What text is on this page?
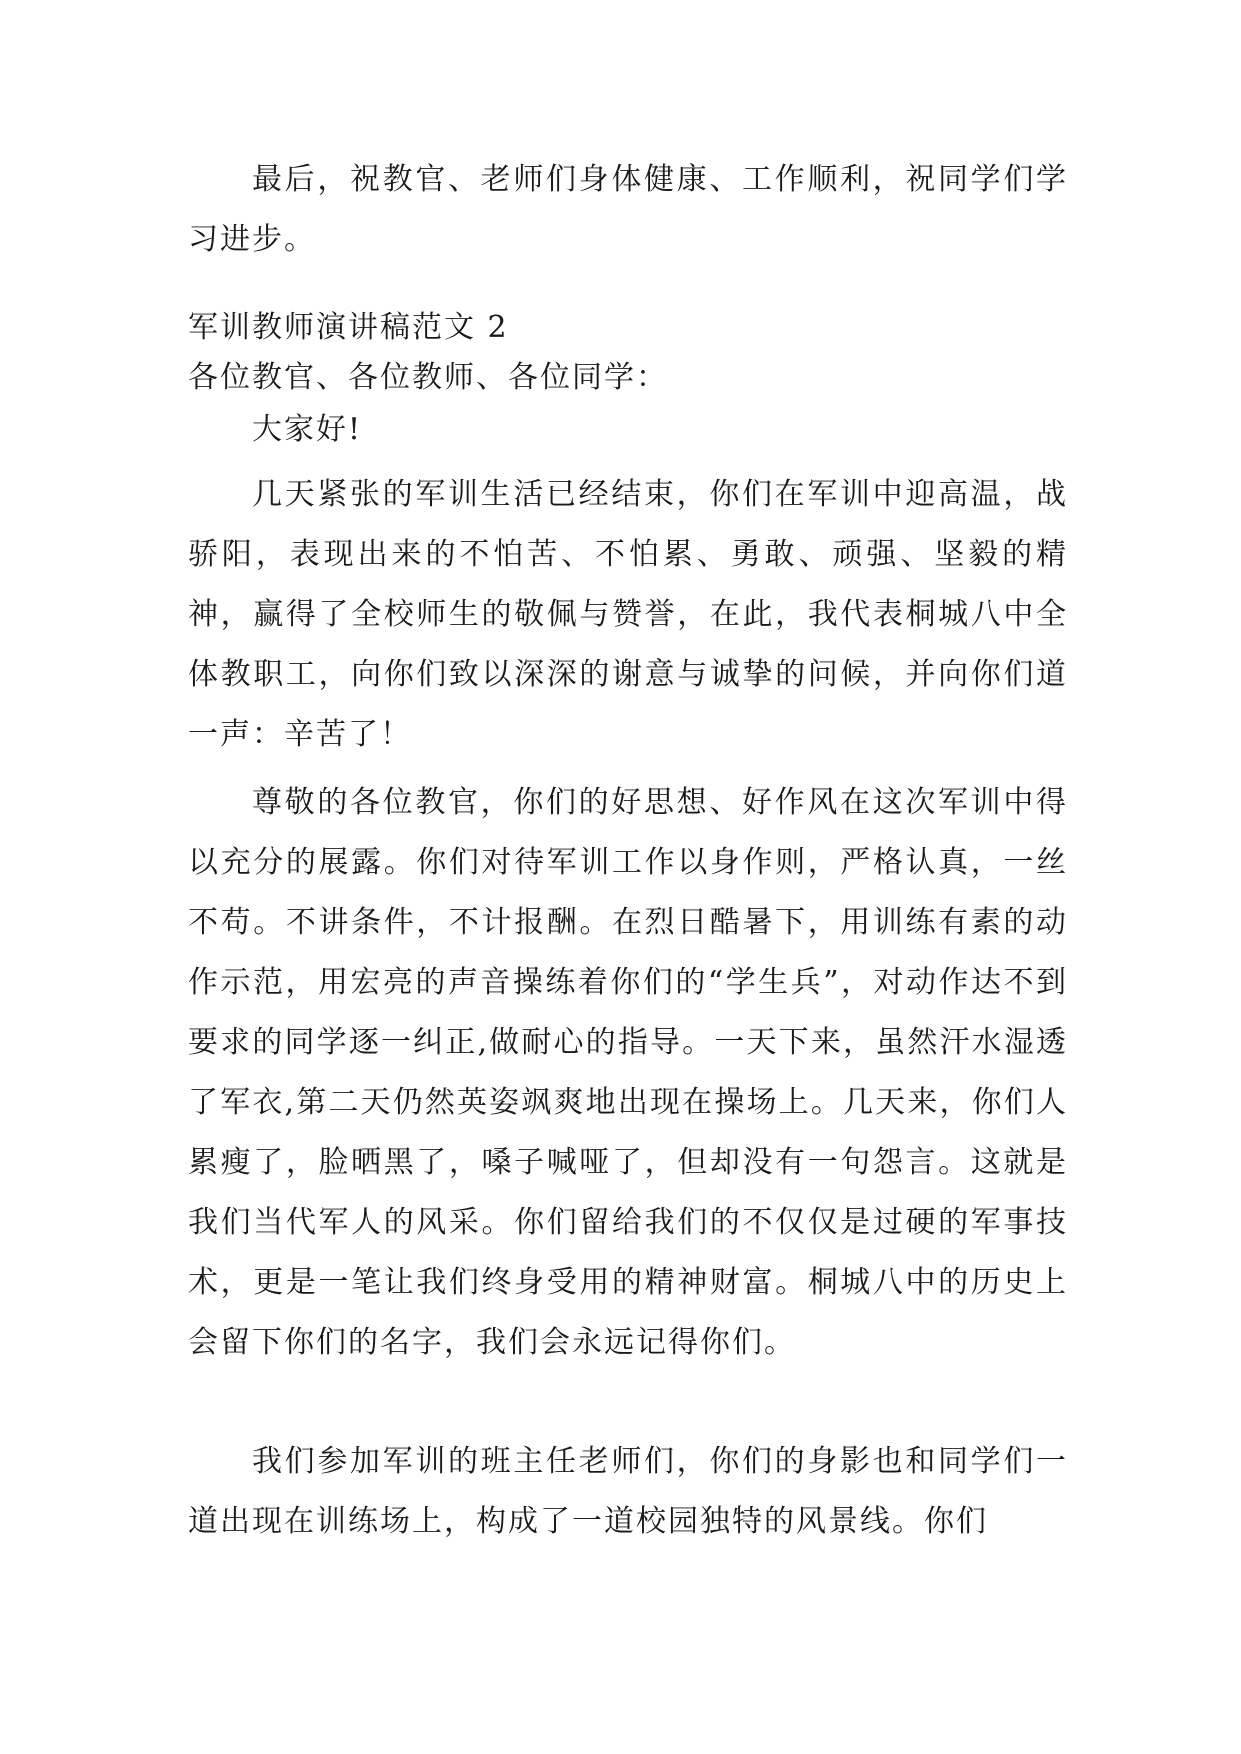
最后，祝教官、老师们身体健康、工作顺利，祝同学们学习进步。

军训教师演讲稿范文 2

各位教官、各位教师、各位同学：

大家好!

几天紧张的军训生活已经结束，你们在军训中迎高温，战骄阳，表现出来的不怕苦、不怕累、勇敢、顽强、坚毅的精神，赢得了全校师生的敬佩与赞誉，在此，我代表桐城八中全体教职工，向你们致以深深的谢意与诚挚的问候，并向你们道一声：辛苦了！

尊敬的各位教官，你们的好思想、好作风在这次军训中得以充分的展露。你们对待军训工作以身作则，严格认真，一丝不苟。不讲条件，不计报酬。在烈日酷暑下，用训练有素的动作示范，用宏亮的声音操练着你们的“学生兵”，对动作达不到要求的同学逐一纠正,做耐心的指导。一天下来，虽然汗水湿透了军衣,第二天仍然英姿飒爽地出现在操场上。几天来，你们人累瘦了，脸晒黑了，嗓子喊哑了，但却没有一句怨言。这就是我们当代军人的风采。你们留给我们的不仅仅是过硬的军事技术，更是一笔让我们终身受用的精神财富。桐城八中的历史上会留下你们的名字，我们会永远记得你们。

我们参加军训的班主任老师们，你们的身影也和同学们一道出现在训练场上，构成了一道校园独特的风景线。你们
